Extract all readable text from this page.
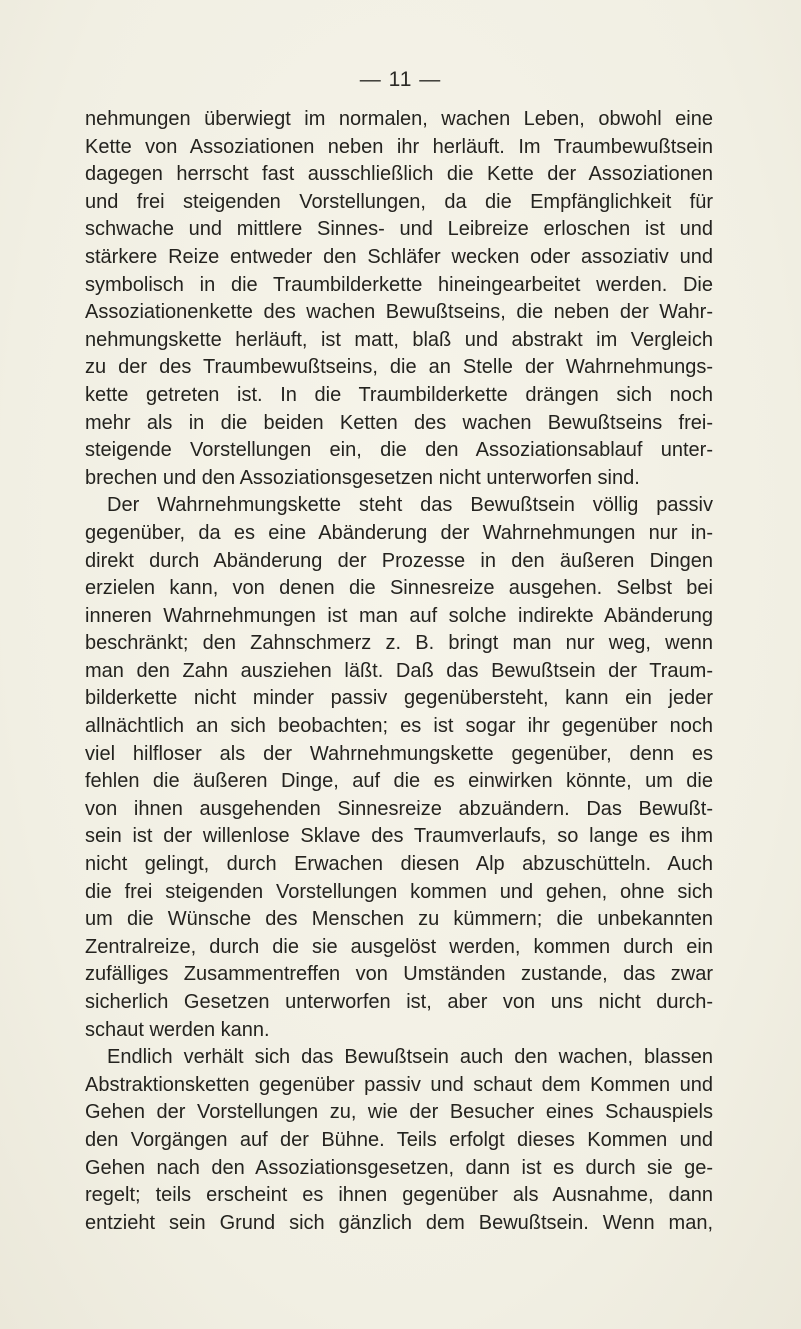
— 11 —
nehmungen überwiegt im normalen, wachen Leben, obwohl eine
Kette von Assoziationen neben ihr herläuft. Im Traumbewußtsein
dagegen herrscht fast ausschließlich die Kette der Assoziationen
und frei steigenden Vorstellungen, da die Empfänglichkeit für
schwache und mittlere Sinnes- und Leibreize erloschen ist und
stärkere Reize entweder den Schläfer wecken oder assoziativ und
symbolisch in die Traumbilderkette hineingearbeitet werden. Die
Assoziationenkette des wachen Bewußtseins, die neben der Wahr-
nehmungskette herläuft, ist matt, blaß und abstrakt im Vergleich
zu der des Traumbewußtseins, die an Stelle der Wahrnehmungs-
kette getreten ist. In die Traumbilderkette drängen sich noch
mehr als in die beiden Ketten des wachen Bewußtseins frei-
steigende Vorstellungen ein, die den Assoziationsablauf unter-
brechen und den Assoziationsgesetzen nicht unterworfen sind.
Der Wahrnehmungskette steht das Bewußtsein völlig passiv
gegenüber, da es eine Abänderung der Wahrnehmungen nur in-
direkt durch Abänderung der Prozesse in den äußeren Dingen
erzielen kann, von denen die Sinnesreize ausgehen. Selbst bei
inneren Wahrnehmungen ist man auf solche indirekte Abänderung
beschränkt; den Zahnschmerz z. B. bringt man nur weg, wenn
man den Zahn ausziehen läßt. Daß das Bewußtsein der Traum-
bilderkette nicht minder passiv gegenübersteht, kann ein jeder
allnächtlich an sich beobachten; es ist sogar ihr gegenüber noch
viel hilfloser als der Wahrnehmungskette gegenüber, denn es
fehlen die äußeren Dinge, auf die es einwirken könnte, um die
von ihnen ausgehenden Sinnesreize abzuändern. Das Bewußt-
sein ist der willenlose Sklave des Traumverlaufs, so lange es ihm
nicht gelingt, durch Erwachen diesen Alp abzuschütteln. Auch
die frei steigenden Vorstellungen kommen und gehen, ohne sich
um die Wünsche des Menschen zu kümmern; die unbekannten
Zentralreize, durch die sie ausgelöst werden, kommen durch ein
zufälliges Zusammentreffen von Umständen zustande, das zwar
sicherlich Gesetzen unterworfen ist, aber von uns nicht durch-
schaut werden kann.
Endlich verhält sich das Bewußtsein auch den wachen, blassen
Abstraktionsketten gegenüber passiv und schaut dem Kommen und
Gehen der Vorstellungen zu, wie der Besucher eines Schauspiels
den Vorgängen auf der Bühne. Teils erfolgt dieses Kommen und
Gehen nach den Assoziationsgesetzen, dann ist es durch sie ge-
regelt; teils erscheint es ihnen gegenüber als Ausnahme, dann
entzieht sein Grund sich gänzlich dem Bewußtsein. Wenn man,
